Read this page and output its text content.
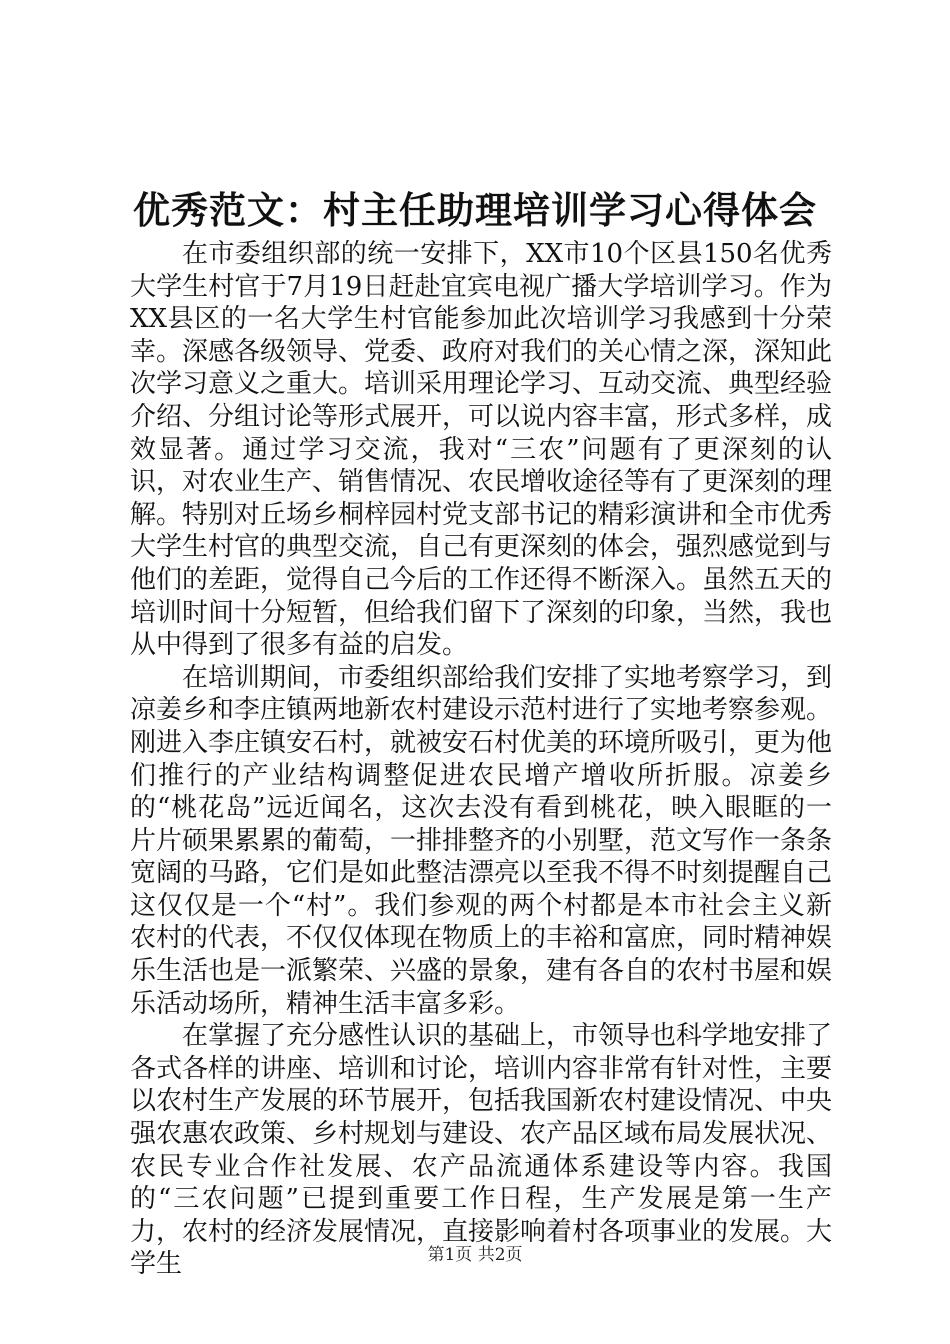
优秀范文：村主任助理培训学习心得体会

在市委组织部的统一安排下，XX市10个区县150名优秀大学生村官于7月19日赶赴宜宾电视广播大学培训学习。作为XX县区的一名大学生村官能参加此次培训学习我感到十分荣幸。深感各级领导、党委、政府对我们的关心情之深，深知此次学习意义之重大。培训采用理论学习、互动交流、典型经验介绍、分组讨论等形式展开，可以说内容丰富，形式多样，成效显著。通过学习交流，我对“三农”问题有了更深刻的认识，对农业生产、销售情况、农民增收途径等有了更深刻的理解。特别对丘场乡桐梓园村党支部书记的精彩演讲和全市优秀大学生村官的典型交流，自己有更深刻的体会，强烈感觉到与他们的差距，觉得自己今后的工作还得不断深入。虽然五天的培训时间十分短暂，但给我们留下了深刻的印象，当然，我也从中得到了很多有益的启发。

在培训期间，市委组织部给我们安排了实地考察学习，到凉姜乡和李庄镇两地新农村建设示范村进行了实地考察参观。刚进入李庄镇安石村，就被安石村优美的环境所吸引，更为他们推行的产业结构调整促进农民增产增收所折服。凉姜乡的“桃花岛”远近闻名，这次去没有看到桃花，映入眼眶的一片片硕果累累的葡萄，一排排整齐的小别墅，范文写作一条条宽阔的马路，它们是如此整洁漂亮以至我不得不时刻提醒自己这仅仅是一个“村”。我们参观的两个村都是本市社会主义新农村的代表，不仅仅体现在物质上的丰裕和富庶，同时精神娱乐生活也是一派繁荣、兴盛的景象，建有各自的农村书屋和娱乐活动场所，精神生活丰富多彩。

在掌握了充分感性认识的基础上，市领导也科学地安排了各式各样的讲座、培训和讨论，培训内容非常有针对性，主要以农村生产发展的环节展开，包括我国新农村建设情况、中央强农惠农政策、乡村规划与建设、农产品区域布局发展状况、农民专业合作社发展、农产品流通体系建设等内容。我国的“三农问题”已提到重要工作日程，生产发展是第一生产力，农村的经济发展情况，直接影响着村各项事业的发展。大学生	第1页 共2页
